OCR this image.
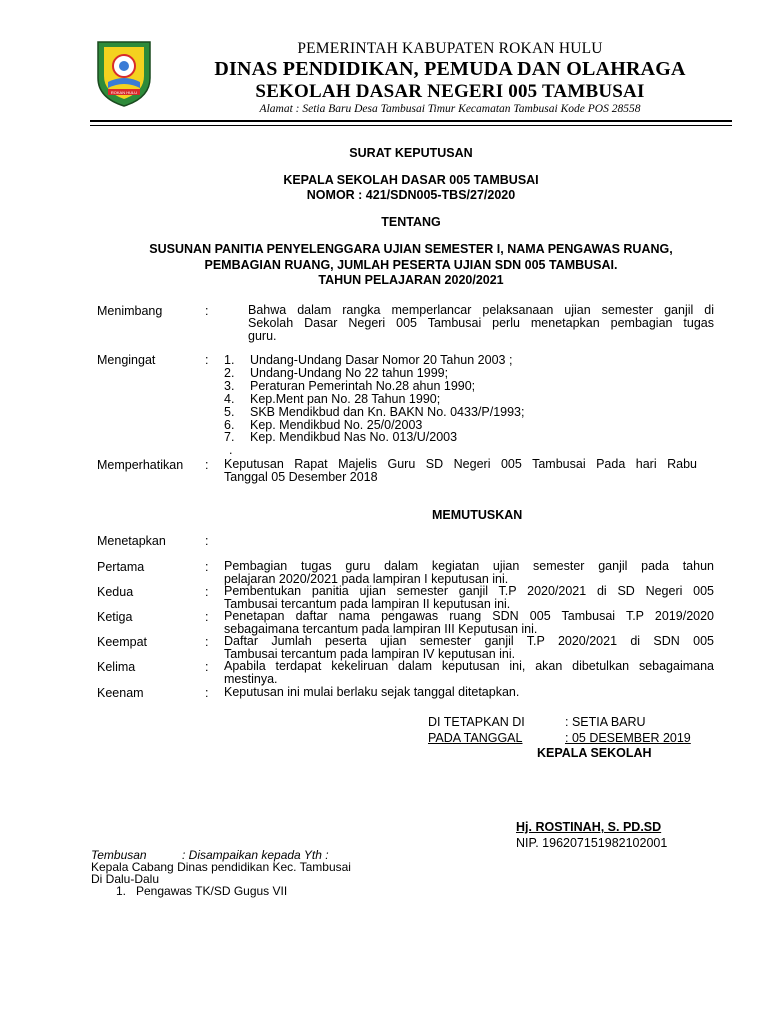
ROKAN HULU
PEMERINTAH KABUPATEN ROKAN HULU
DINAS PENDIDIKAN, PEMUDA DAN OLAHRAGA
SEKOLAH DASAR NEGERI 005 TAMBUSAI
Alamat : Setia Baru Desa Tambusai Timur Kecamatan Tambusai Kode POS 28558
SURAT KEPUTUSAN
KEPALA SEKOLAH DASAR 005 TAMBUSAI
NOMOR : 421/SDN005-TBS/27/2020
TENTANG
SUSUNAN PANITIA PENYELENGGARA UJIAN SEMESTER I, NAMA PENGAWAS RUANG,
PEMBAGIAN RUANG, JUMLAH PESERTA UJIAN SDN 005 TAMBUSAI.
TAHUN PELAJARAN 2020/2021
Menimbang	:	Bahwa dalam rangka memperlancar pelaksanaan ujian semester ganjil di
Sekolah Dasar Negeri 005 Tambusai perlu menetapkan pembagian tugas
guru.
Mengingat	: 1. Undang-Undang Dasar Nomor 20 Tahun 2003 ;
2. Undang-Undang No 22 tahun 1999;
3. Peraturan Pemerintah No.28 ahun 1990;
4. Kep.Ment pan No. 28 Tahun 1990;
5. SKB Mendikbud dan Kn. BAKN No. 0433/P/1993;
6. Kep. Mendikbud No. 25/0/2003
7. Kep. Mendikbud Nas No. 013/U/2003
.
Memperhatikan : Keputusan Rapat Majelis Guru SD Negeri 005 Tambusai Pada hari Rabu
Tanggal 05 Desember 2018
MEMUTUSKAN
Menetapkan	:
Pertama	: Pembagian tugas guru dalam kegiatan ujian semester ganjil pada tahun
pelajaran 2020/2021 pada lampiran I keputusan ini.
Kedua	: Pembentukan panitia ujian semester ganjil T.P 2020/2021 di SD Negeri 005
Tambusai tercantum pada lampiran II keputusan ini.
Ketiga	: Penetapan daftar nama pengawas ruang SDN 005 Tambusai T.P 2019/2020
sebagaimana tercantum pada lampiran III Keputusan ini.
Keempat	: Daftar Jumlah peserta ujian semester ganjil T.P 2020/2021 di SDN 005
Tambusai tercantum pada lampiran IV keputusan ini.
Kelima	: Apabila terdapat kekeliruan dalam keputusan ini, akan dibetulkan sebagaimana
mestinya.
Keenam	: Keputusan ini mulai berlaku sejak tanggal ditetapkan.
DI TETAPKAN DI	: SETIA BARU
PADA TANGGAL	: 05 DESEMBER 2019
KEPALA SEKOLAH
Hj. ROSTINAH, S. PD.SD
NIP. 196207151982102001
Tembusan	: Disampaikan kepada Yth :
Kepala Cabang Dinas pendidikan Kec. Tambusai
Di Dalu-Dalu
1. Pengawas TK/SD Gugus VII
